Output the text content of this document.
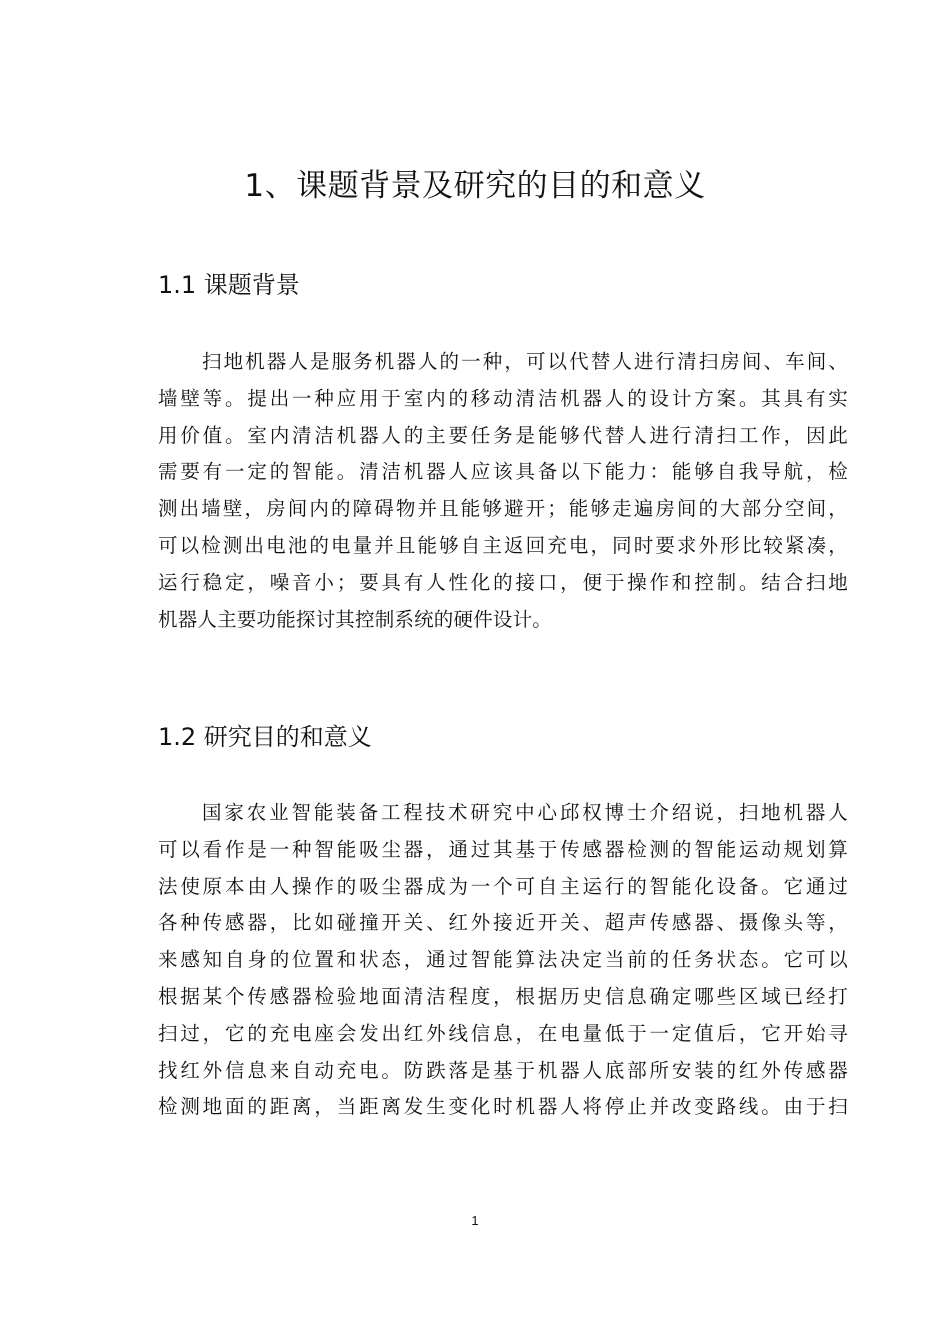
1、课题背景及研究的目的和意义
1.1 课题背景
扫地机器人是服务机器人的一种，可以代替人进行清扫房间、车间、
墙壁等。提出一种应用于室内的移动清洁机器人的设计方案。其具有实
用价值。室内清洁机器人的主要任务是能够代替人进行清扫工作，因此
需要有一定的智能。清洁机器人应该具备以下能力：能够自我导航，检
测出墙壁，房间内的障碍物并且能够避开；能够走遍房间的大部分空间，
可以检测出电池的电量并且能够自主返回充电，同时要求外形比较紧凑，
运行稳定，噪音小；要具有人性化的接口，便于操作和控制。结合扫地
机器人主要功能探讨其控制系统的硬件设计。
1.2 研究目的和意义
国家农业智能装备工程技术研究中心邱权博士介绍说，扫地机器人
可以看作是一种智能吸尘器，通过其基于传感器检测的智能运动规划算
法使原本由人操作的吸尘器成为一个可自主运行的智能化设备。它通过
各种传感器，比如碰撞开关、红外接近开关、超声传感器、摄像头等，
来感知自身的位置和状态，通过智能算法决定当前的任务状态。它可以
根据某个传感器检验地面清洁程度，根据历史信息确定哪些区域已经打
扫过，它的充电座会发出红外线信息，在电量低于一定值后，它开始寻
找红外信息来自动充电。防跌落是基于机器人底部所安装的红外传感器
检测地面的距离，当距离发生变化时机器人将停止并改变路线。由于扫
1
